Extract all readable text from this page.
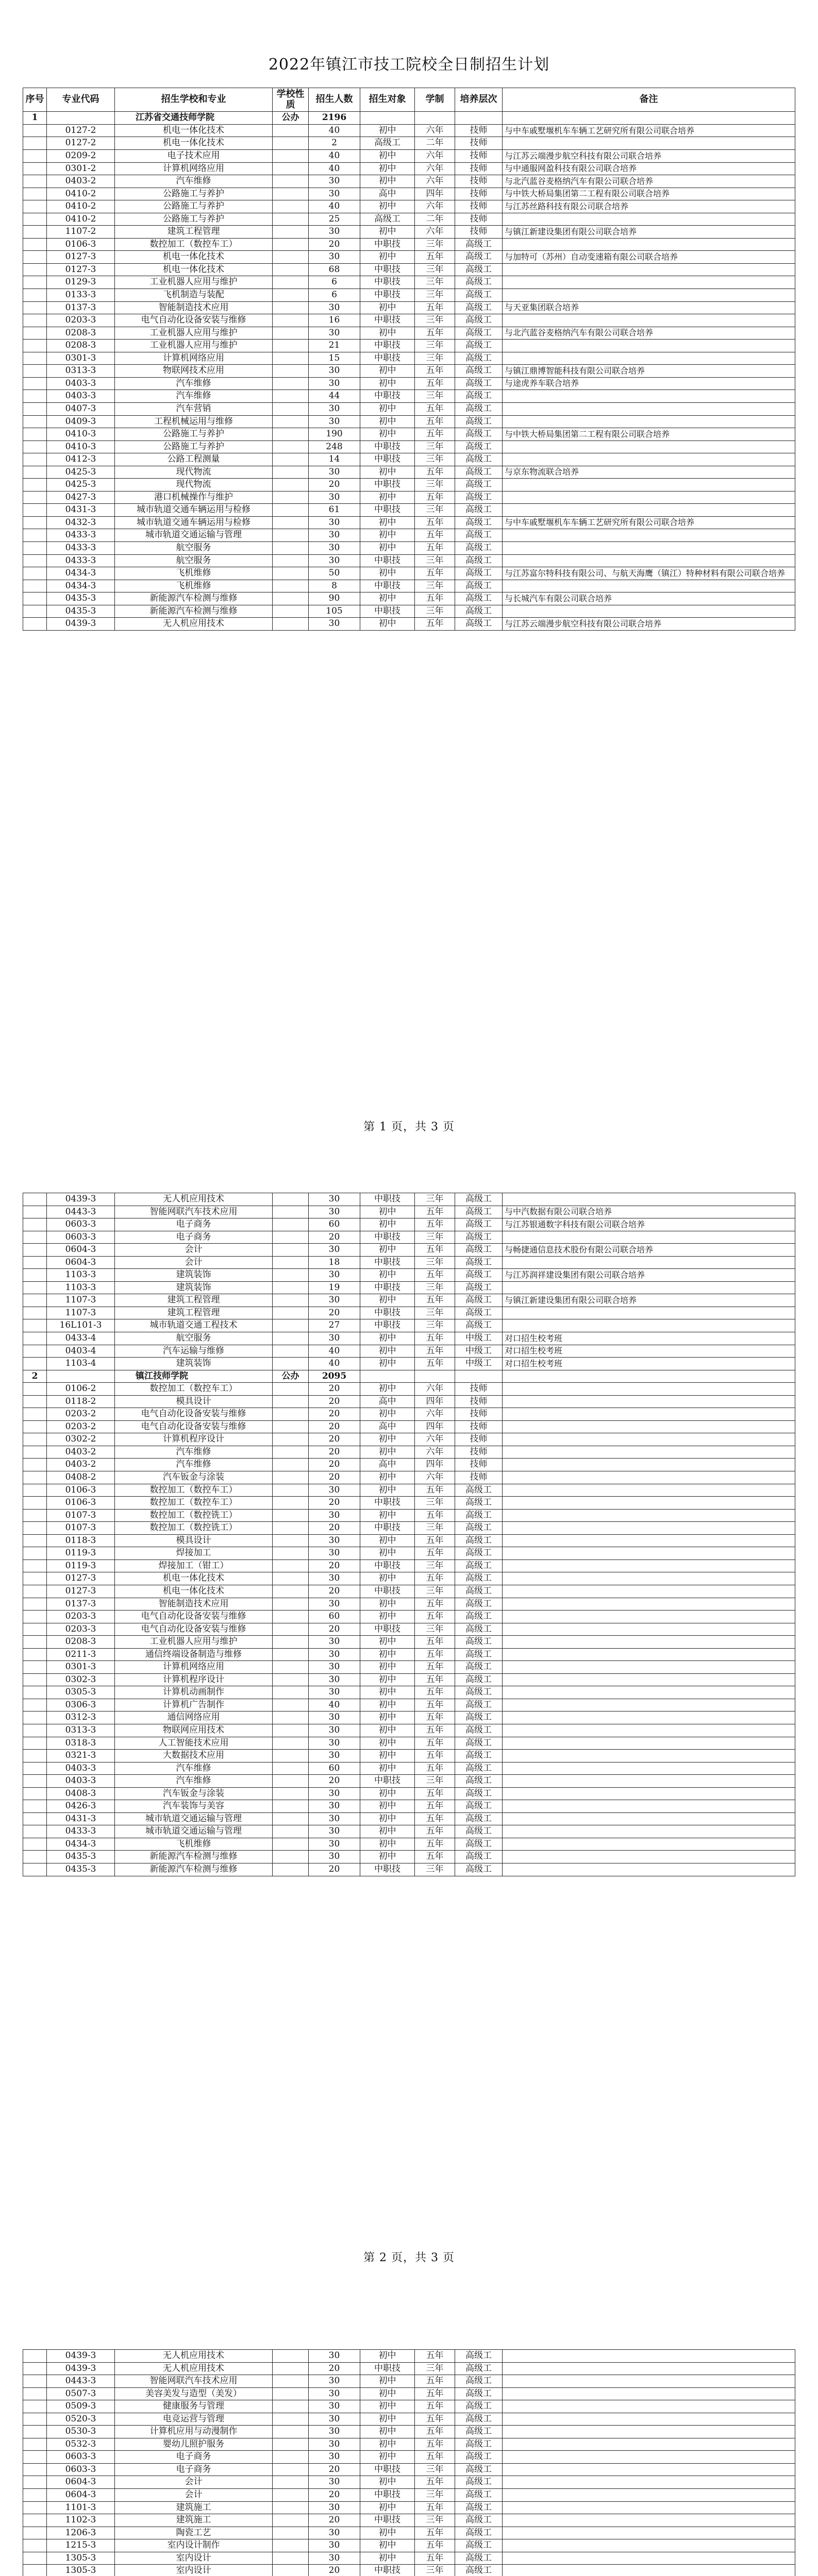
2022年镇江市技工院校全日制招生计划
序号	专业代码	招生学校和专业	学校性质	招生人数	招生对象	学制	培养层次	备注
1		江苏省交通技师学院	公办	2196				
	0127-2	机电一体化技术		40	初中	六年	技师	与中车戚墅堰机车车辆工艺研究所有限公司联合培养
	0127-2	机电一体化技术		2	高级工	二年	技师	
	0209-2	电子技术应用		40	初中	六年	技师	与江苏云端漫步航空科技有限公司联合培养
	0301-2	计算机网络应用		40	初中	六年	技师	与中通服网盈科技有限公司联合培养
	0403-2	汽车维修		30	初中	六年	技师	与北汽蓝谷麦格纳汽车有限公司联合培养
	0410-2	公路施工与养护		30	高中	四年	技师	与中铁大桥局集团第二工程有限公司联合培养
	0410-2	公路施工与养护		40	初中	六年	技师	与江苏丝路科技有限公司联合培养
	0410-2	公路施工与养护		25	高级工	二年	技师	
	1107-2	建筑工程管理		30	初中	六年	技师	与镇江新建设集团有限公司联合培养
	0106-3	数控加工（数控车工）		20	中职技	三年	高级工	
	0127-3	机电一体化技术		30	初中	五年	高级工	与加特可（苏州）自动变速箱有限公司联合培养
	0127-3	机电一体化技术		68	中职技	三年	高级工	
	0129-3	工业机器人应用与维护		6	中职技	三年	高级工	
	0133-3	飞机制造与装配		6	中职技	三年	高级工	
	0137-3	智能制造技术应用		30	初中	五年	高级工	与天亚集团联合培养
	0203-3	电气自动化设备安装与维修		16	中职技	三年	高级工	
	0208-3	工业机器人应用与维护		30	初中	五年	高级工	与北汽蓝谷麦格纳汽车有限公司联合培养
	0208-3	工业机器人应用与维护		21	中职技	三年	高级工	
	0301-3	计算机网络应用		15	中职技	三年	高级工	
	0313-3	物联网技术应用		30	初中	五年	高级工	与镇江鼎博智能科技有限公司联合培养
	0403-3	汽车维修		30	初中	五年	高级工	与途虎养车联合培养
	0403-3	汽车维修		44	中职技	三年	高级工	
	0407-3	汽车营销		30	初中	五年	高级工	
	0409-3	工程机械运用与维修		30	初中	五年	高级工	
	0410-3	公路施工与养护		190	初中	五年	高级工	与中铁大桥局集团第二工程有限公司联合培养
	0410-3	公路施工与养护		248	中职技	三年	高级工	
	0412-3	公路工程测量		14	中职技	三年	高级工	
	0425-3	现代物流		30	初中	五年	高级工	与京东物流联合培养
	0425-3	现代物流		20	中职技	三年	高级工	
	0427-3	港口机械操作与维护		30	初中	五年	高级工	
	0431-3	城市轨道交通车辆运用与检修		61	中职技	三年	高级工	
	0432-3	城市轨道交通车辆运用与检修		30	初中	五年	高级工	与中车戚墅堰机车车辆工艺研究所有限公司联合培养
	0433-3	城市轨道交通运输与管理		30	初中	五年	高级工	
	0433-3	航空服务		30	初中	五年	高级工	
	0433-3	航空服务		30	中职技	三年	高级工	
	0434-3	飞机维修		50	初中	五年	高级工	与江苏富尔特科技有限公司、与航天海鹰（镇江）特种材料有限公司联合培养
	0434-3	飞机维修		8	中职技	三年	高级工	
	0435-3	新能源汽车检测与维修		90	初中	五年	高级工	与长城汽车有限公司联合培养
	0435-3	新能源汽车检测与维修		105	中职技	三年	高级工	
	0439-3	无人机应用技术		30	初中	五年	高级工	与江苏云端漫步航空科技有限公司联合培养
第 1 页，共 3 页
	0439-3	无人机应用技术		30	中职技	三年	高级工	
	0443-3	智能网联汽车技术应用		30	初中	五年	高级工	与中汽数据有限公司联合培养
	0603-3	电子商务		60	初中	五年	高级工	与江苏银通数字科技有限公司联合培养
	0603-3	电子商务		20	中职技	三年	高级工	
	0604-3	会计		30	初中	五年	高级工	与畅捷通信息技术股份有限公司联合培养
	0604-3	会计		18	中职技	三年	高级工	
	1103-3	建筑装饰		30	初中	五年	高级工	与江苏润祥建设集团有限公司联合培养
	1103-3	建筑装饰		19	中职技	三年	高级工	
	1107-3	建筑工程管理		30	初中	五年	高级工	与镇江新建设集团有限公司联合培养
	1107-3	建筑工程管理		20	中职技	三年	高级工	
	16L101-3	城市轨道交通工程技术		27	中职技	三年	高级工	
	0433-4	航空服务		30	初中	五年	中级工	对口招生校考班
	0403-4	汽车运输与维修		40	初中	五年	中级工	对口招生校考班
	1103-4	建筑装饰		40	初中	五年	中级工	对口招生校考班
2		镇江技师学院	公办	2095				
	0106-2	数控加工（数控车工）		20	初中	六年	技师	
	0118-2	模具设计		20	高中	四年	技师	
	0203-2	电气自动化设备安装与维修		20	初中	六年	技师	
	0203-2	电气自动化设备安装与维修		20	高中	四年	技师	
	0302-2	计算机程序设计		20	初中	六年	技师	
	0403-2	汽车维修		20	初中	六年	技师	
	0403-2	汽车维修		20	高中	四年	技师	
	0408-2	汽车钣金与涂装		20	初中	六年	技师	
	0106-3	数控加工（数控车工）		30	初中	五年	高级工	
	0106-3	数控加工（数控车工）		20	中职技	三年	高级工	
	0107-3	数控加工（数控铣工）		30	初中	五年	高级工	
	0107-3	数控加工（数控铣工）		20	中职技	三年	高级工	
	0118-3	模具设计		30	初中	五年	高级工	
	0119-3	焊接加工		30	初中	五年	高级工	
	0119-3	焊接加工（钳工）		20	中职技	三年	高级工	
	0127-3	机电一体化技术		30	初中	五年	高级工	
	0127-3	机电一体化技术		20	中职技	三年	高级工	
	0137-3	智能制造技术应用		30	初中	五年	高级工	
	0203-3	电气自动化设备安装与维修		60	初中	五年	高级工	
	0203-3	电气自动化设备安装与维修		20	中职技	三年	高级工	
	0208-3	工业机器人应用与维护		30	初中	五年	高级工	
	0211-3	通信终端设备制造与维修		30	初中	五年	高级工	
	0301-3	计算机网络应用		30	初中	五年	高级工	
	0302-3	计算机程序设计		30	初中	五年	高级工	
	0305-3	计算机动画制作		30	初中	五年	高级工	
	0306-3	计算机广告制作		40	初中	五年	高级工	
	0312-3	通信网络应用		30	初中	五年	高级工	
	0313-3	物联网应用技术		30	初中	五年	高级工	
	0318-3	人工智能技术应用		30	初中	五年	高级工	
	0321-3	大数据技术应用		30	初中	五年	高级工	
	0403-3	汽车维修		60	初中	五年	高级工	
	0403-3	汽车维修		20	中职技	三年	高级工	
	0408-3	汽车钣金与涂装		30	初中	五年	高级工	
	0426-3	汽车装饰与美容		30	初中	五年	高级工	
	0431-3	城市轨道交通运输与管理		30	初中	五年	高级工	
	0433-3	城市轨道交通运输与管理		30	初中	五年	高级工	
	0434-3	飞机维修		30	初中	五年	高级工	
	0435-3	新能源汽车检测与维修		30	初中	五年	高级工	
	0435-3	新能源汽车检测与维修		20	中职技	三年	高级工	
第 2 页，共 3 页
	0439-3	无人机应用技术		30	初中	五年	高级工	
	0439-3	无人机应用技术		20	中职技	三年	高级工	
	0443-3	智能网联汽车技术应用		30	初中	五年	高级工	
	0507-3	美容美发与造型（美发）		30	初中	五年	高级工	
	0509-3	健康服务与管理		30	初中	五年	高级工	
	0520-3	电竞运营与管理		30	初中	五年	高级工	
	0530-3	计算机应用与动漫制作		30	初中	五年	高级工	
	0532-3	婴幼儿照护服务		30	初中	五年	高级工	
	0603-3	电子商务		30	初中	五年	高级工	
	0603-3	电子商务		20	中职技	三年	高级工	
	0604-3	会计		30	初中	五年	高级工	
	0604-3	会计		20	中职技	三年	高级工	
	1101-3	建筑施工		30	初中	五年	高级工	
	1102-3	建筑施工		20	中职技	三年	高级工	
	1206-3	陶瓷工艺		30	初中	五年	高级工	
	1215-3	室内设计制作		30	初中	五年	高级工	
	1305-3	室内设计		30	初中	五年	高级工	
	1305-3	室内设计		20	中职技	三年	高级工	
